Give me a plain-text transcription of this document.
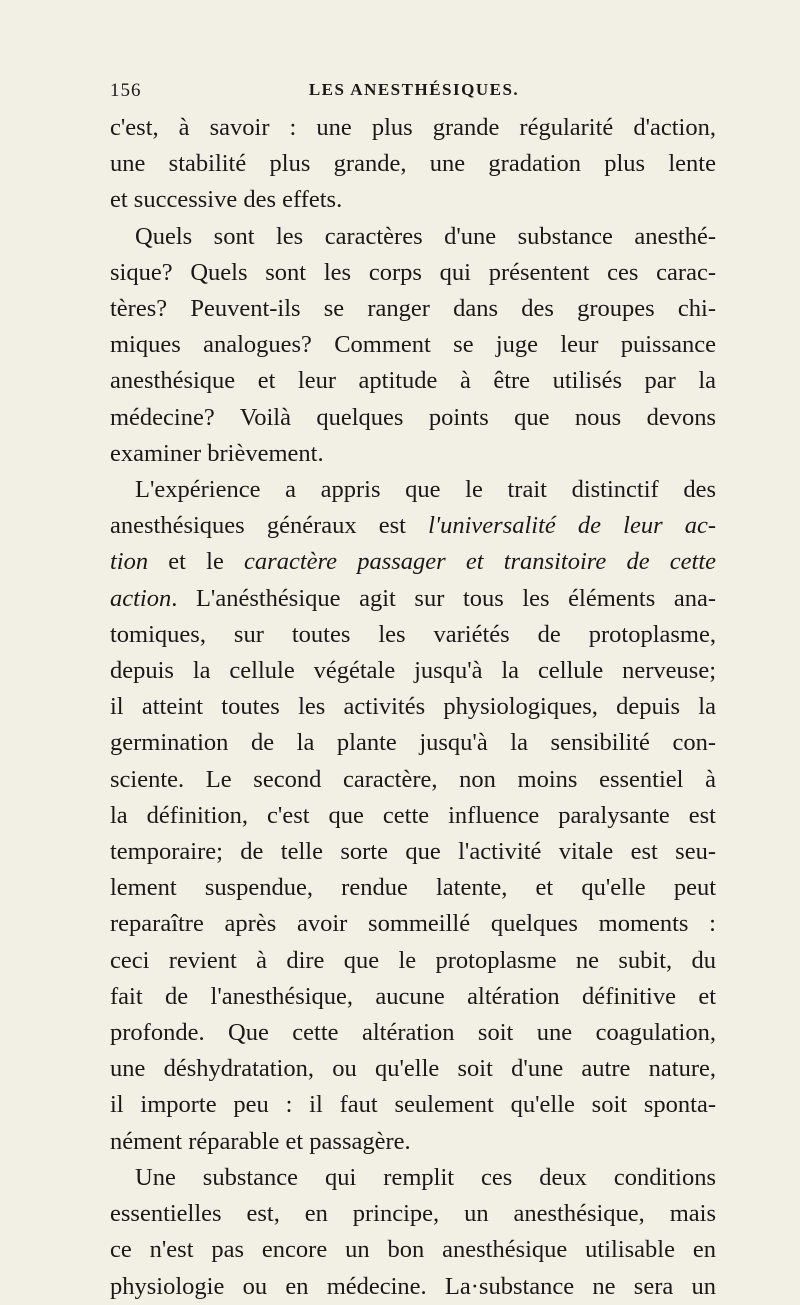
156	LES ANESTHÉSIQUES.
c'est, à savoir : une plus grande régularité d'action,
une stabilité plus grande, une gradation plus lente
et successive des effets.
Quels sont les caractères d'une substance anesthé-
sique? Quels sont les corps qui présentent ces carac-
tères? Peuvent-ils se ranger dans des groupes chi-
miques analogues? Comment se juge leur puissance
anesthésique et leur aptitude à être utilisés par la
médecine? Voilà quelques points que nous devons
examiner brièvement.
L'expérience a appris que le trait distinctif des
anesthésiques généraux est l'universalité de leur ac-
tion et le caractère passager et transitoire de cette
action. L'anésthésique agit sur tous les éléments ana-
tomiques, sur toutes les variétés de protoplasme,
depuis la cellule végétale jusqu'à la cellule nerveuse;
il atteint toutes les activités physiologiques, depuis la
germination de la plante jusqu'à la sensibilité con-
sciente. Le second caractère, non moins essentiel à
la définition, c'est que cette influence paralysante est
temporaire; de telle sorte que l'activité vitale est seu-
lement suspendue, rendue latente, et qu'elle peut
reparaître après avoir sommeillé quelques moments :
ceci revient à dire que le protoplasme ne subit, du
fait de l'anesthésique, aucune altération définitive et
profonde. Que cette altération soit une coagulation,
une déshydratation, ou qu'elle soit d'une autre nature,
il importe peu : il faut seulement qu'elle soit sponta-
nément réparable et passagère.
Une substance qui remplit ces deux conditions
essentielles est, en principe, un anesthésique, mais
ce n'est pas encore un bon anesthésique utilisable en
physiologie ou en médecine. La·substance ne sera un
